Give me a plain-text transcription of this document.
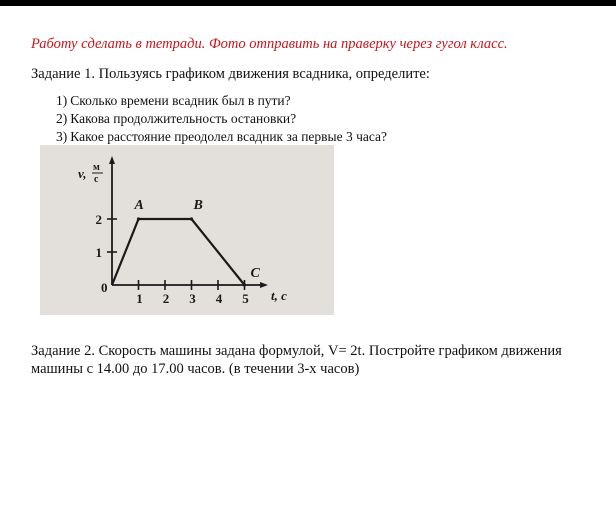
Работу сделать в тетради. Фото отправить на праверку через гугол класс.
Задание 1. Пользуясь графиком движения всадника, определите:
1) Сколько времени всадник был в пути?
2) Какова продолжительность остановки?
3) Какое расстояние преодолел всадник за первые 3 часа?
v, м
с
t, с
0
1 2 3 4 5
1
2
A	B
C
Задание 2. Скорость машины задана формулой, V= 2t. Постройте графиком движения машины с 14.00 до 17.00 часов. (в течении 3-х часов)
